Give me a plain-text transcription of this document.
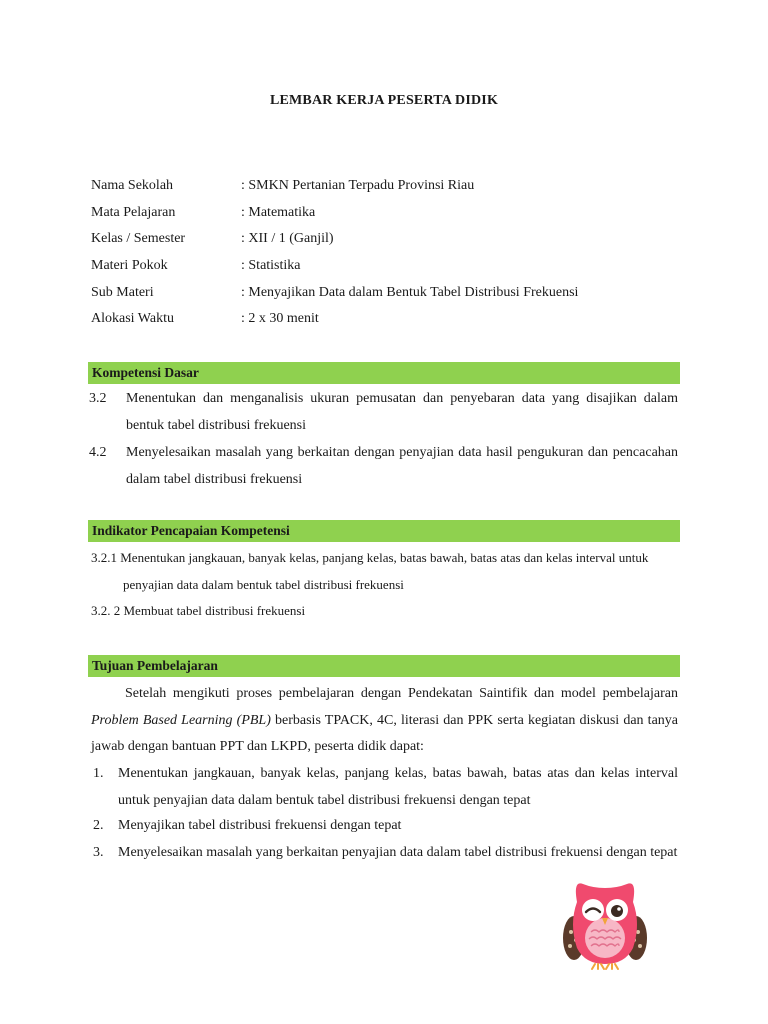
LEMBAR KERJA PESERTA DIDIK
Nama Sekolah	: SMKN Pertanian Terpadu Provinsi Riau
Mata Pelajaran	: Matematika
Kelas / Semester	: XII / 1 (Ganjil)
Materi Pokok	: Statistika
Sub Materi	: Menyajikan Data dalam Bentuk Tabel Distribusi Frekuensi
Alokasi Waktu	: 2 x 30 menit
Kompetensi Dasar
3.2 Menentukan dan menganalisis ukuran pemusatan dan penyebaran data yang disajikan dalam bentuk tabel distribusi frekuensi
4.2 Menyelesaikan masalah yang berkaitan dengan penyajian data hasil pengukuran dan pencacahan dalam tabel distribusi frekuensi
Indikator Pencapaian Kompetensi
3.2.1 Menentukan jangkauan, banyak kelas, panjang kelas, batas bawah, batas atas dan kelas interval untuk penyajian data dalam bentuk tabel distribusi frekuensi
3.2. 2 Membuat tabel distribusi frekuensi
Tujuan Pembelajaran
Setelah mengikuti proses pembelajaran dengan Pendekatan Saintifik dan model pembelajaran Problem Based Learning (PBL) berbasis TPACK, 4C, literasi dan PPK serta kegiatan diskusi dan tanya jawab dengan bantuan PPT dan LKPD, peserta didik dapat:
1. Menentukan jangkauan, banyak kelas, panjang kelas, batas bawah, batas atas dan kelas interval untuk penyajian data dalam bentuk tabel distribusi frekuensi dengan tepat
2. Menyajikan tabel distribusi frekuensi dengan tepat
3. Menyelesaikan masalah yang berkaitan penyajian data dalam tabel distribusi frekuensi dengan tepat
